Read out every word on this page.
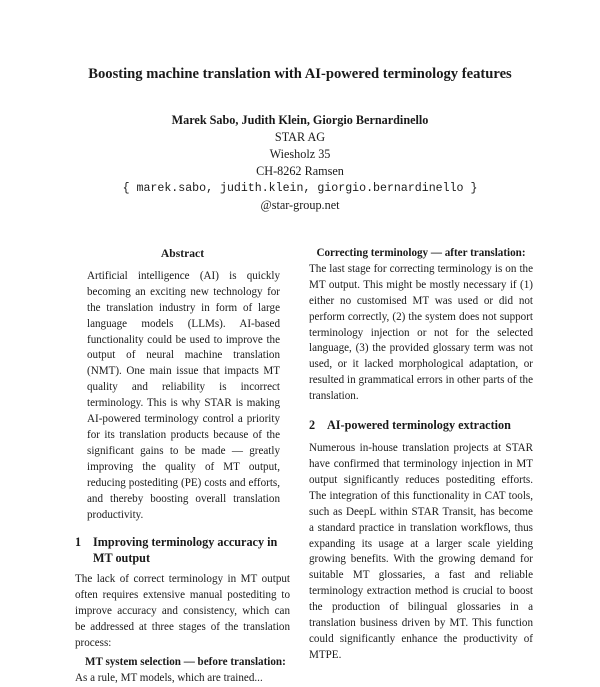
Boosting machine translation with AI-powered terminology features
Marek Sabo, Judith Klein, Giorgio Bernardinello
STAR AG
Wiesholz 35
CH-8262 Ramsen
{ marek.sabo, judith.klein, giorgio.bernardinello }
@star-group.net
Abstract
Artificial intelligence (AI) is quickly becoming an exciting new technology for the translation industry in form of large language models (LLMs). AI-based functionality could be used to improve the output of neural machine translation (NMT). One main issue that impacts MT quality and reliability is incorrect terminology. This is why STAR is making AI-powered terminology control a priority for its translation products because of the significant gains to be made — greatly improving the quality of MT output, reducing postediting (PE) costs and efforts, and thereby boosting overall translation productivity.
1 Improving terminology accuracy in MT output
The lack of correct terminology in MT output often requires extensive manual postediting to improve accuracy and consistency, which can be addressed at three stages of the translation process:
MT system selection — before translation:
As a rule, MT models, which are trained...
Correcting terminology — after translation:
The last stage for correcting terminology is on the MT output. This might be mostly necessary if (1) either no customised MT was used or did not perform correctly, (2) the system does not support terminology injection or not for the selected language, (3) the provided glossary term was not used, or it lacked morphological adaptation, or resulted in grammatical errors in other parts of the translation.
2 AI-powered terminology extraction
Numerous in-house translation projects at STAR have confirmed that terminology injection in MT output significantly reduces postediting efforts. The integration of this functionality in CAT tools, such as DeepL within STAR Transit, has become a standard practice in translation workflows, thus expanding its usage at a larger scale yielding growing benefits. With the growing demand for suitable MT glossaries, a fast and reliable terminology extraction method is crucial to boost the production of bilingual glossaries in a translation business driven by MT. This function could significantly enhance the productivity of MTPE.
